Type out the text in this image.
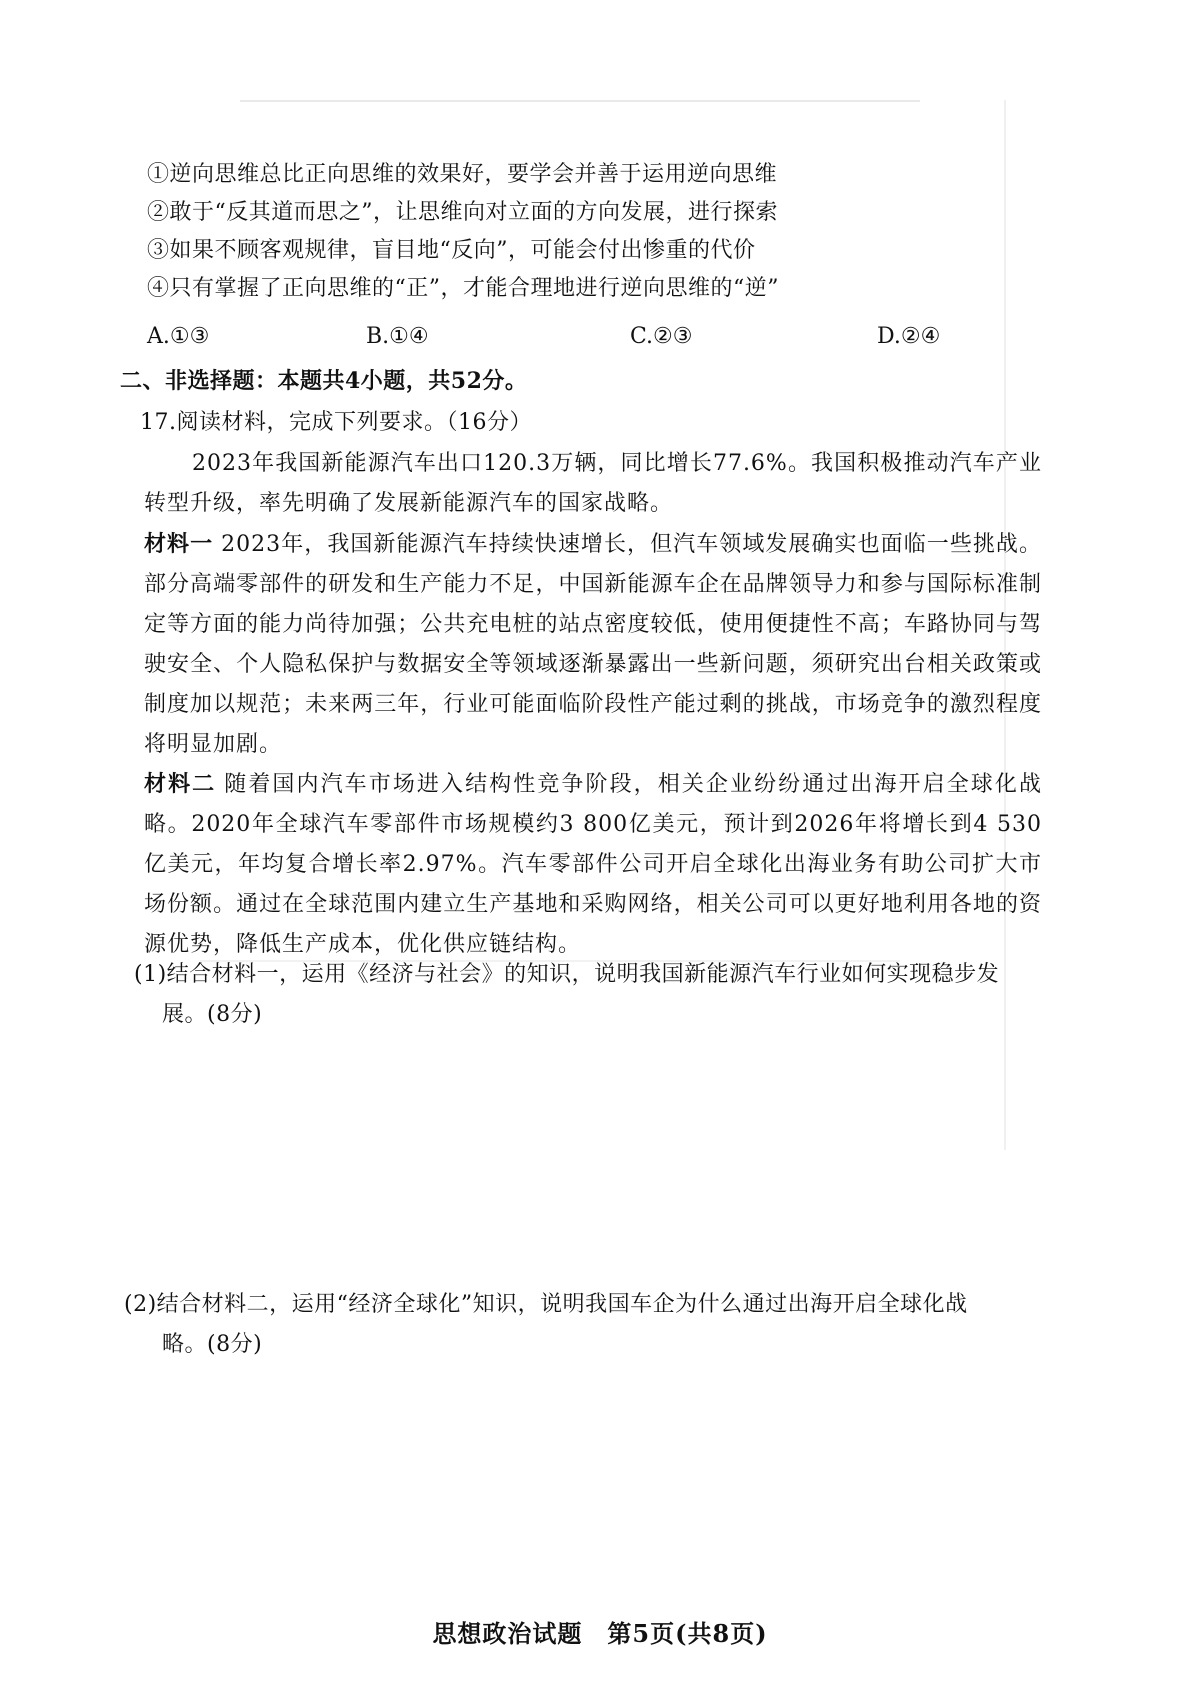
①逆向思维总比正向思维的效果好，要学会并善于运用逆向思维
②敢于“反其道而思之”，让思维向对立面的方向发展，进行探索
③如果不顾客观规律，盲目地“反向”，可能会付出惨重的代价
④只有掌握了正向思维的“正”，才能合理地进行逆向思维的“逆”
A.①③	B.①④	C.②③	D.②④
二、非选择题：本题共4小题，共52分。
17.阅读材料，完成下列要求。（16分）
2023年我国新能源汽车出口120.3万辆，同比增长77.6%。我国积极推动汽车产业转型升级，率先明确了发展新能源汽车的国家战略。
材料一 2023年，我国新能源汽车持续快速增长，但汽车领域发展确实也面临一些挑战。部分高端零部件的研发和生产能力不足，中国新能源车企在品牌领导力和参与国际标准制定等方面的能力尚待加强；公共充电桩的站点密度较低，使用便捷性不高；车路协同与驾驶安全、个人隐私保护与数据安全等领域逐渐暴露出一些新问题，须研究出台相关政策或制度加以规范；未来两三年，行业可能面临阶段性产能过剩的挑战，市场竞争的激烈程度将明显加剧。
材料二 随着国内汽车市场进入结构性竞争阶段，相关企业纷纷通过出海开启全球化战略。2020年全球汽车零部件市场规模约3 800亿美元，预计到2026年将增长到4 530亿美元，年均复合增长率2.97%。汽车零部件公司开启全球化出海业务有助公司扩大市场份额。通过在全球范围内建立生产基地和采购网络，相关公司可以更好地利用各地的资源优势，降低生产成本，优化供应链结构。
(1)结合材料一，运用《经济与社会》的知识，说明我国新能源汽车行业如何实现稳步发
展。(8分)
(2)结合材料二，运用“经济全球化”知识，说明我国车企为什么通过出海开启全球化战
略。(8分)
思想政治试题　第5页(共8页)
